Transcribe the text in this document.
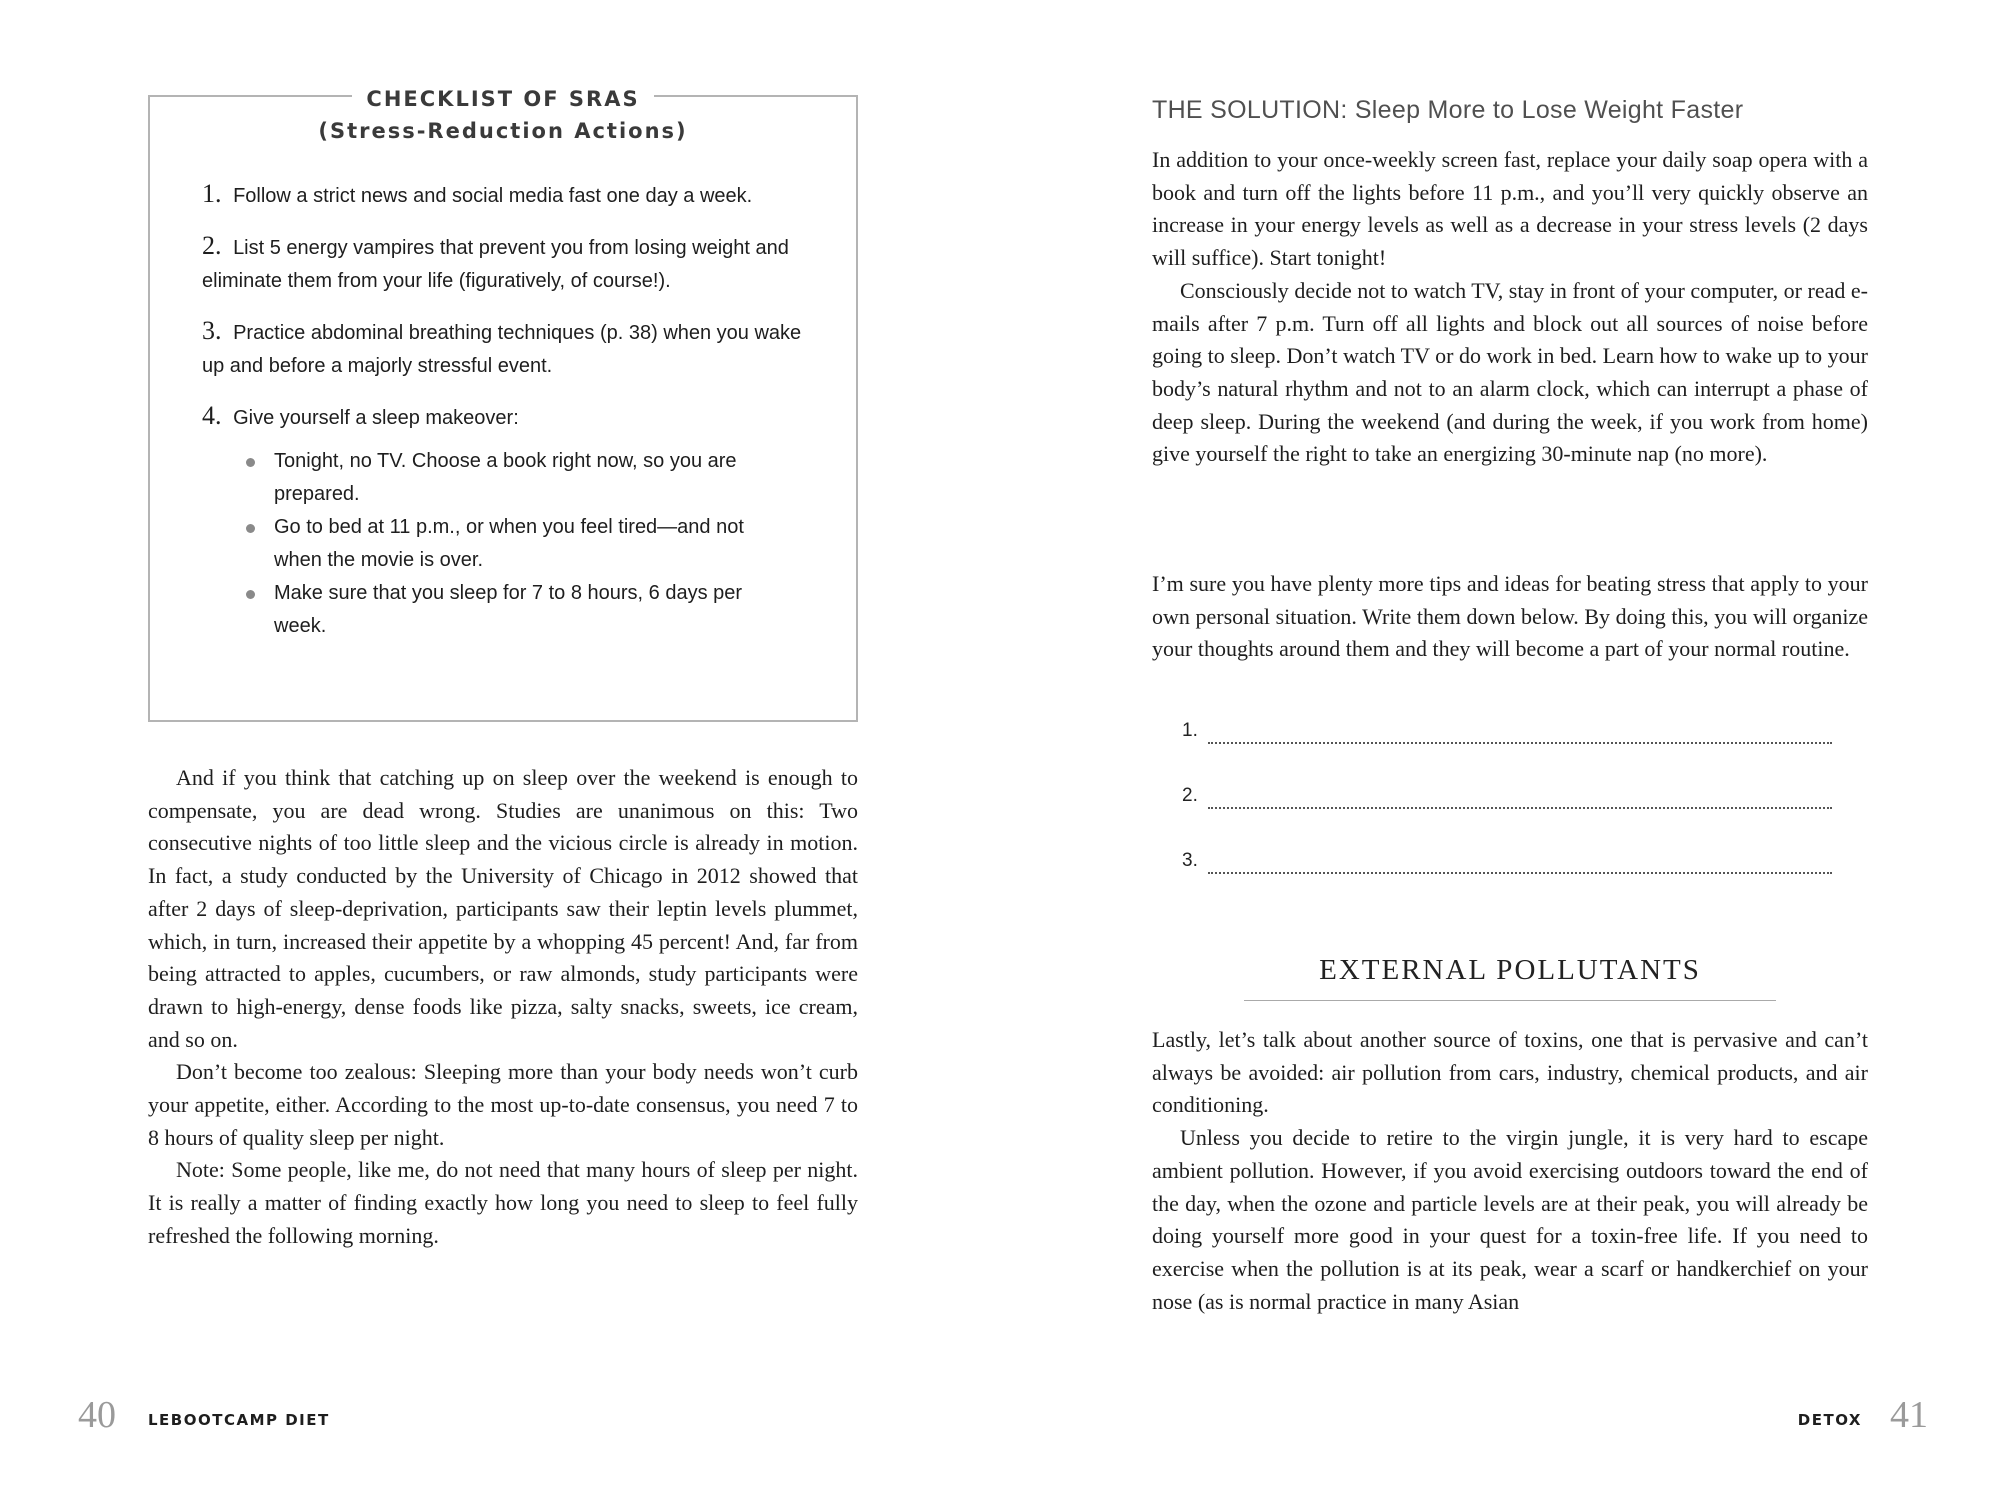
CHECKLIST OF SRAS
(Stress-Reduction Actions)
1. Follow a strict news and social media fast one day a week.
2. List 5 energy vampires that prevent you from losing weight and eliminate them from your life (figuratively, of course!).
3. Practice abdominal breathing techniques (p. 38) when you wake up and before a majorly stressful event.
4. Give yourself a sleep makeover:
Tonight, no TV. Choose a book right now, so you are prepared.
Go to bed at 11 p.m., or when you feel tired—and not when the movie is over.
Make sure that you sleep for 7 to 8 hours, 6 days per week.

And if you think that catching up on sleep over the weekend is enough to compensate, you are dead wrong. Studies are unanimous on this: Two consecutive nights of too little sleep and the vicious circle is already in motion. In fact, a study conducted by the University of Chicago in 2012 showed that after 2 days of sleep-deprivation, participants saw their leptin levels plummet, which, in turn, increased their appetite by a whopping 45 percent! And, far from being attracted to apples, cucumbers, or raw almonds, study participants were drawn to high-energy, dense foods like pizza, salty snacks, sweets, ice cream, and so on.

Don’t become too zealous: Sleeping more than your body needs won’t curb your appetite, either. According to the most up-to-date consensus, you need 7 to 8 hours of quality sleep per night.

Note: Some people, like me, do not need that many hours of sleep per night. It is really a matter of finding exactly how long you need to sleep to feel fully refreshed the following morning.

40 LEBOOTCAMP DIET
THE SOLUTION: Sleep More to Lose Weight Faster

In addition to your once-weekly screen fast, replace your daily soap opera with a book and turn off the lights before 11 p.m., and you’ll very quickly observe an increase in your energy levels as well as a decrease in your stress levels (2 days will suffice). Start tonight!

Consciously decide not to watch TV, stay in front of your computer, or read e-mails after 7 p.m. Turn off all lights and block out all sources of noise before going to sleep. Don’t watch TV or do work in bed. Learn how to wake up to your body’s natural rhythm and not to an alarm clock, which can interrupt a phase of deep sleep. During the weekend (and during the week, if you work from home) give yourself the right to take an energizing 30-minute nap (no more).

I’m sure you have plenty more tips and ideas for beating stress that apply to your own personal situation. Write them down below. By doing this, you will organize your thoughts around them and they will become a part of your normal routine.

1.
2.
3.
EXTERNAL POLLUTANTS

Lastly, let’s talk about another source of toxins, one that is pervasive and can’t always be avoided: air pollution from cars, industry, chemical products, and air conditioning.

Unless you decide to retire to the virgin jungle, it is very hard to escape ambient pollution. However, if you avoid exercising outdoors toward the end of the day, when the ozone and particle levels are at their peak, you will already be doing yourself more good in your quest for a toxin-free life. If you need to exercise when the pollution is at its peak, wear a scarf or handkerchief on your nose (as is normal practice in many Asian

DETOX 41
